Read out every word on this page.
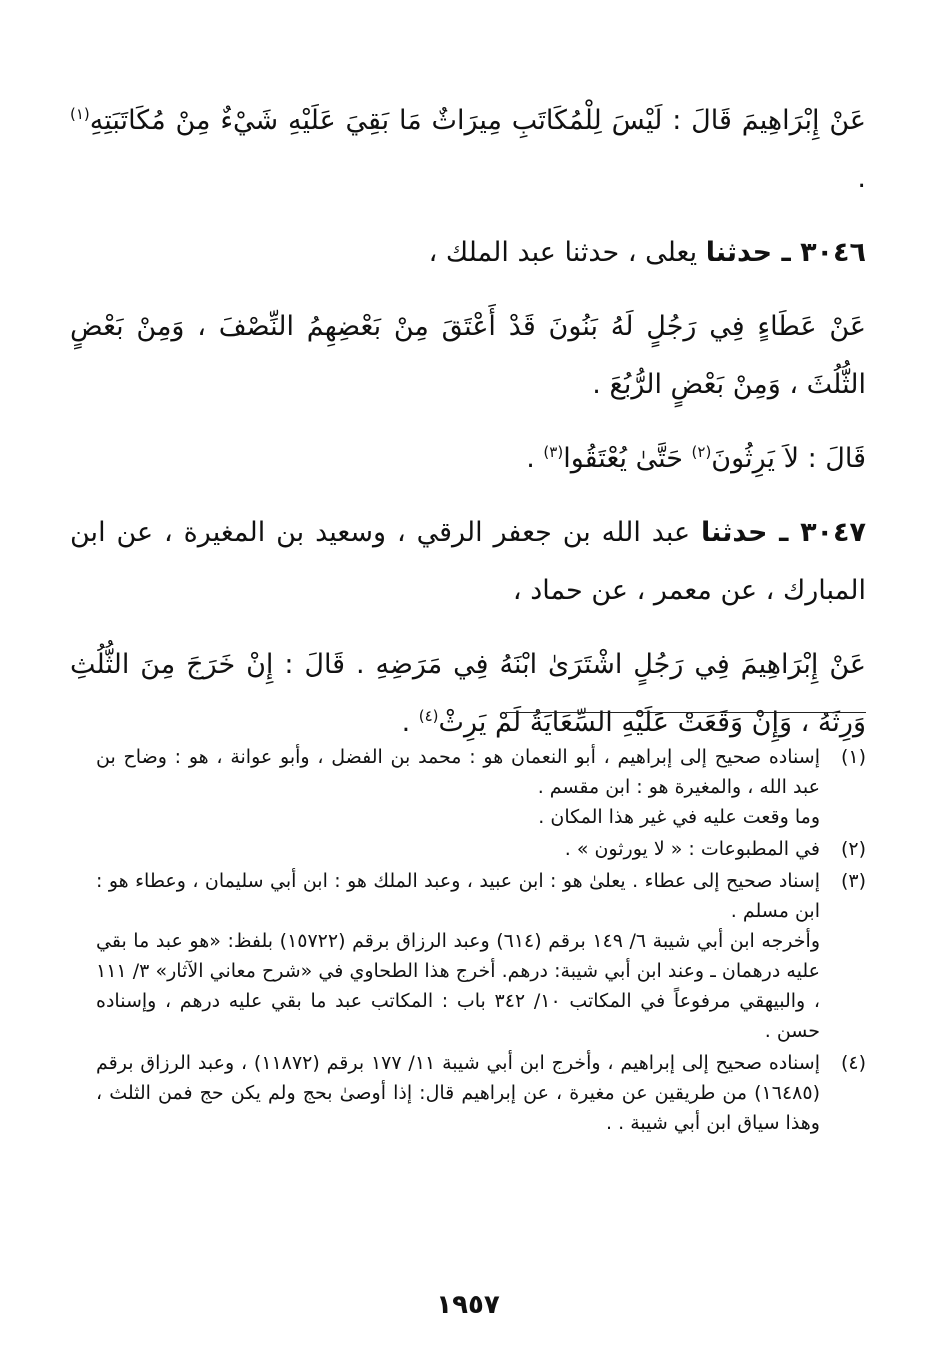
عَنْ إِبْرَاهِيمَ قَالَ : لَيْسَ لِلْمُكَاتَبِ مِيرَاثٌ مَا بَقِيَ عَلَيْهِ شَيْءٌ مِنْ مُكَاتَبَتِهِ$^{(١)}$ .

٣٠٤٦ ـ حدثنا يعلى ، حدثنا عبد الملك ،

عَنْ عَطَاءٍ فِي رَجُلٍ لَهُ بَنُونَ قَدْ أَعْتَقَ مِنْ بَعْضِهِمُ النِّصْفَ ، وَمِنْ بَعْضٍ الثُّلُثَ ، وَمِنْ بَعْضٍ الرُّبُعَ .

قَالَ : لاَ يَرِثُونَ$^{(٢)}$ حَتَّىٰ يُعْتَقُوا$^{(٣)}$ .

٣٠٤٧ ـ حدثنا عبد الله بن جعفر الرقي ، وسعيد بن المغيرة ، عن ابن المبارك ، عن معمر ، عن حماد ،

عَنْ إِبْرَاهِيمَ فِي رَجُلٍ اشْتَرَىٰ ابْنَهُ فِي مَرَضِهِ . قَالَ : إِنْ خَرَجَ مِنَ الثُّلُثِ وَرِثَهُ ، وَإِنْ وَقَعَتْ عَلَيْهِ السِّعَايَةُ لَمْ يَرِثْ$^{(٤)}$ .

(١)
إسناده صحيح إلى إبراهيم ، أبو النعمان هو : محمد بن الفضل ، وأبو عوانة ، هو : وضاح بن عبد الله ، والمغيرة هو : ابن مقسم .
وما وقعت عليه في غير هذا المكان .
(٢)
في المطبوعات : « لا يورثون » .
(٣)
إسناد صحيح إلى عطاء . يعلىٰ هو : ابن عبيد ، وعبد الملك هو : ابن أبي سليمان ، وعطاء هو : ابن مسلم .
وأخرجه ابن أبي شيبة ٦/ ١٤٩ برقم (٦١٤) وعبد الرزاق برقم (١٥٧٢٢) بلفظ: «هو عبد ما بقي عليه درهمان ـ وعند ابن أبي شيبة: درهم. أخرج هذا الطحاوي في «شرح معاني الآثار» ٣/ ١١١ ، والبيهقي مرفوعاً في المكاتب ١٠/ ٣٤٢ باب : المكاتب عبد ما بقي عليه درهم ، وإسناده حسن .
(٤)
إسناده صحيح إلى إبراهيم ، وأخرج ابن أبي شيبة ١١/ ١٧٧ برقم (١١٨٧٢) ، وعبد الرزاق برقم (١٦٤٨٥) من طريقين عن مغيرة ، عن إبراهيم قال: إذا أوصىٰ بحج ولم يكن حج فمن الثلث ، وهذا سياق ابن أبي شيبة . .
١٩٥٧
